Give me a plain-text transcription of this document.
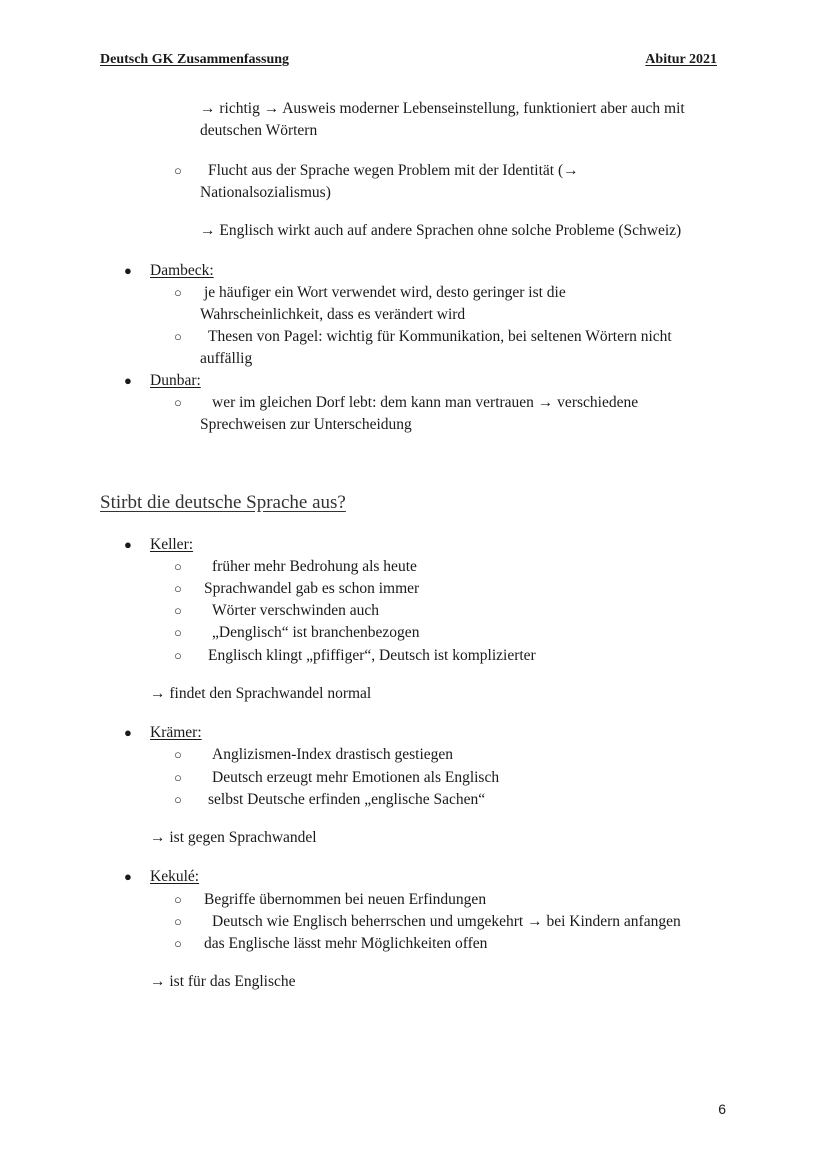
Deutsch GK Zusammenfassung	Abitur 2021
→ richtig → Ausweis moderner Lebenseinstellung, funktioniert aber auch mit
deutschen Wörtern
○ Flucht aus der Sprache wegen Problem mit der Identität (→
Nationalsozialismus)
→ Englisch wirkt auch auf andere Sprachen ohne solche Probleme (Schweiz)
● Dambeck:
○ je häufiger ein Wort verwendet wird, desto geringer ist die
Wahrscheinlichkeit, dass es verändert wird
○ Thesen von Pagel: wichtig für Kommunikation, bei seltenen Wörtern nicht
auffällig
● Dunbar:
○ wer im gleichen Dorf lebt: dem kann man vertrauen → verschiedene
Sprechweisen zur Unterscheidung
Stirbt die deutsche Sprache aus?
● Keller:
○ früher mehr Bedrohung als heute
○ Sprachwandel gab es schon immer
○ Wörter verschwinden auch
○ „Denglisch“ ist branchenbezogen
○ Englisch klingt „pfiffiger“, Deutsch ist komplizierter
→ findet den Sprachwandel normal
● Krämer:
○ Anglizismen-Index drastisch gestiegen
○ Deutsch erzeugt mehr Emotionen als Englisch
○ selbst Deutsche erfinden „englische Sachen“
→ ist gegen Sprachwandel
● Kekulé:
○ Begriffe übernommen bei neuen Erfindungen
○ Deutsch wie Englisch beherrschen und umgekehrt → bei Kindern anfangen
○ das Englische lässt mehr Möglichkeiten offen
→ ist für das Englische
6
